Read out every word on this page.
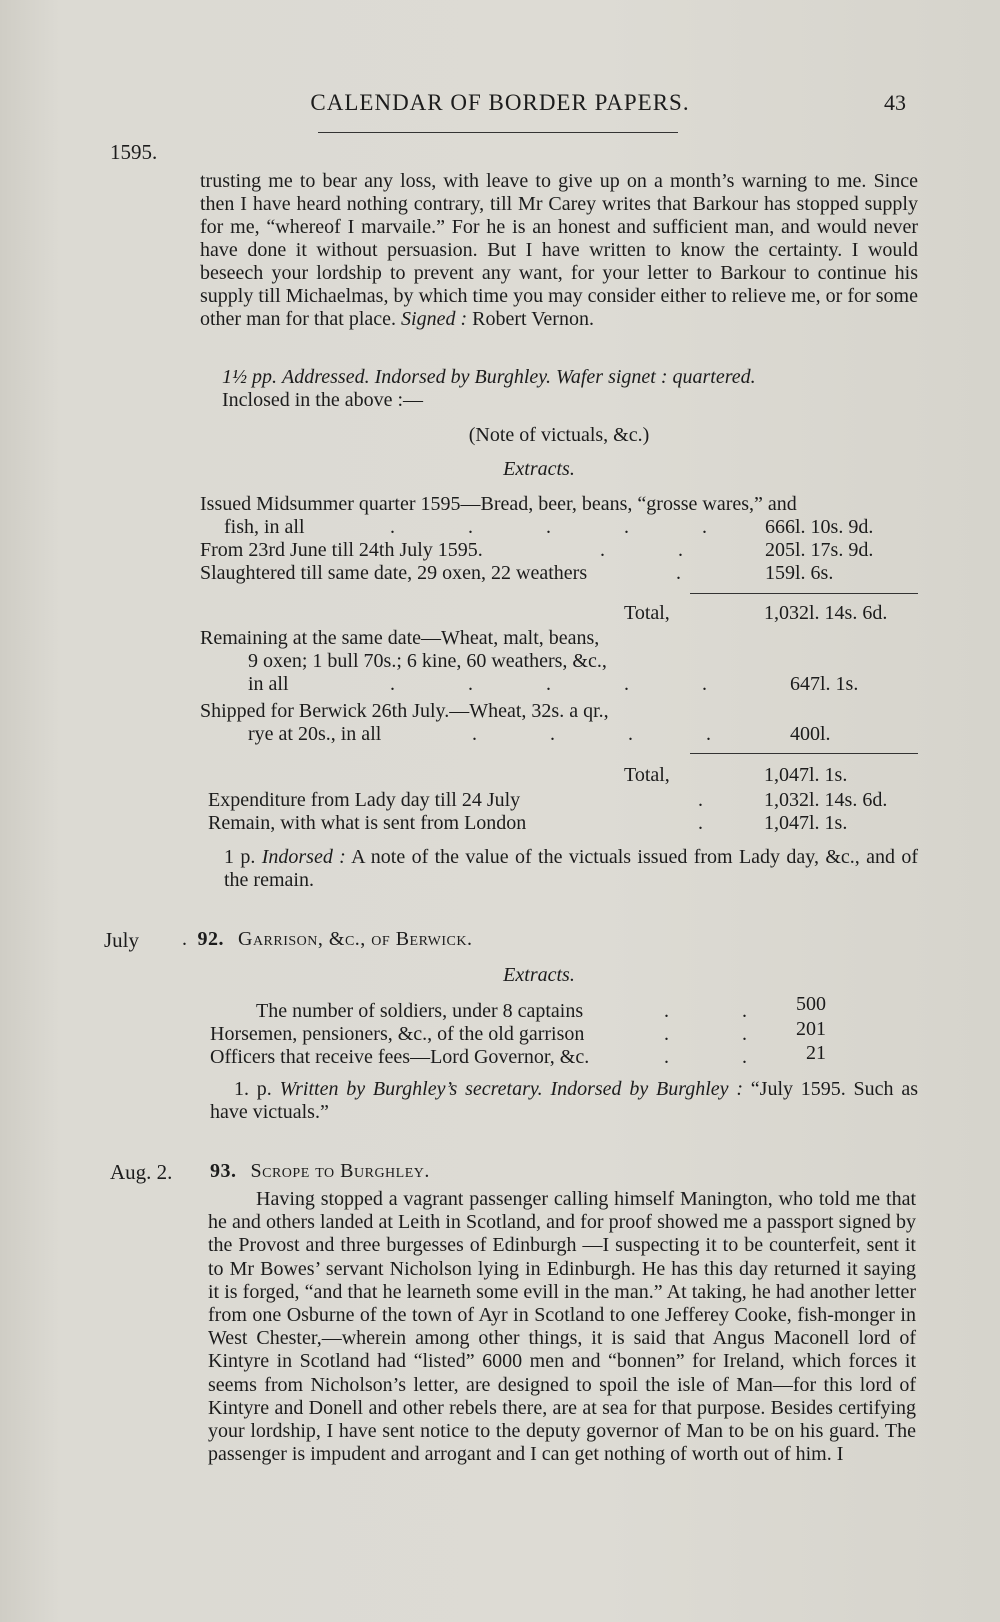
CALENDAR OF BORDER PAPERS.	43
1595.

trusting me to bear any loss, with leave to give up on a month’s warning to me. Since then I have heard nothing contrary, till Mr Carey writes that Barkour has stopped supply for me, “whereof I marvaile.” For he is an honest and sufficient man, and would never have done it without persuasion. But I have written to know the certainty. I would beseech your lordship to prevent any want, for your letter to Barkour to continue his supply till Michaelmas, by which time you may consider either to relieve me, or for some other man for that place. Signed : Robert Vernon.

1½ pp. Addressed. Indorsed by Burghley. Wafer signet : quartered.
Inclosed in the above :—
(Note of victuals, &c.)
Extracts.
Issued Midsummer quarter 1595—Bread, beer, beans, “grosse wares,” and
fish, in all	. . . . . 666l. 10s. 9d.
From 23rd June till 24th July 1595.	. . 205l. 17s. 9d.
Slaughtered till same date, 29 oxen, 22 weathers	.	159l. 6s.
Total,	1,032l. 14s. 6d.
Remaining at the same date—Wheat, malt, beans,
9 oxen; 1 bull 70s.; 6 kine, 60 weathers, &c.,
in all	. . . . . 647l. 1s.
Shipped for Berwick 26th July.—Wheat, 32s. a qr.,
rye at 20s., in all	. . . . 400l.
Total,	1,047l. 1s.
Expenditure from Lady day till 24 July	. 1,032l. 14s. 6d.
Remain, with what is sent from London	. 1,047l. 1s.

1 p. Indorsed : A note of the value of the victuals issued from Lady day, &c., and of the remain.

July . 92. Garrison, &c., of Berwick.
Extracts.
The number of soldiers, under 8 captains	. . 500
Horsemen, pensioners, &c., of the old garrison	. . 201
Officers that receive fees—Lord Governor, &c.	. . 21

1. p. Written by Burghley’s secretary. Indorsed by Burghley : “July 1595. Such as have victuals.”

Aug. 2. 93. Scrope to Burghley.

Having stopped a vagrant passenger calling himself Manington, who told me that he and others landed at Leith in Scotland, and for proof showed me a passport signed by the Provost and three burgesses of Edinburgh —I suspecting it to be counterfeit, sent it to Mr Bowes’ servant Nicholson lying in Edinburgh. He has this day returned it saying it is forged, “and that he learneth some evill in the man.” At taking, he had another letter from one Osburne of the town of Ayr in Scotland to one Jefferey Cooke, fish-monger in West Chester,—wherein among other things, it is said that Angus Maconell lord of Kintyre in Scotland had “listed” 6000 men and “bonnen” for Ireland, which forces it seems from Nicholson’s letter, are designed to spoil the isle of Man—for this lord of Kintyre and Donell and other rebels there, are at sea for that purpose. Besides certifying your lordship, I have sent notice to the deputy governor of Man to be on his guard. The passenger is impudent and arrogant and I can get nothing of worth out of him. I
